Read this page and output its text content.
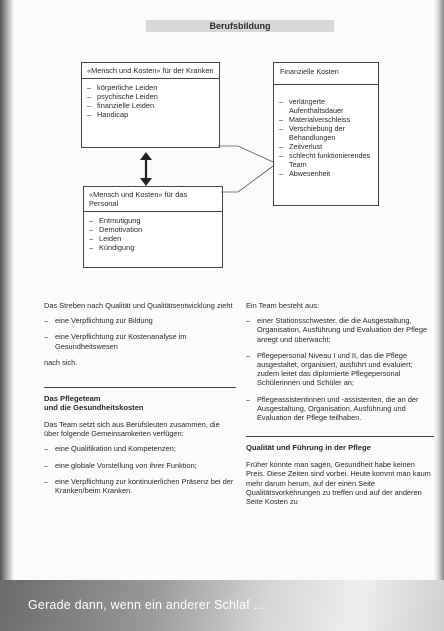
Berufsbildung
«Mensch und Kosten» für der Kranken
– körperliche Leiden
– psychische Leiden
– finanzielle Leiden
– Handicap
«Mensch und Kosten» für das Personal
– Entmutigung
– Demotivation
– Leiden
– Kündigung
Finanzielle Kosten
– verlängerte Aufenthaltsdauer
– Materialverschleiss
– Verschiebung der Behandlungen
– Zeitverlust
– schlecht funktionierendes Team
– Abwesenheit

Das Streben nach Qualität und Qualitätsentwicklung zieht

– eine Verpflichtung zur Bildung
– eine Verpflichtung zur Kostenanalyse im Gesundheitswesen

nach sich.

Das Pflegeteam
und die Gesundheitskosten

Das Team setzt sich aus Berufsleuten zusammen, die über folgende Gemeinsamkeiten verfügen:

– eine Qualifikation und Kompetenzen;
– eine globale Vorstellung von ihrer Funktion;
– eine Verpflichtung zur kontinuierlichen Präsenz bei der Kranken/beim Kranken.

Ein Team besteht aus:

– einer Stationsschwester, die die Ausgestaltung, Organisation, Ausführung und Evaluation der Pflege anregt und überwacht;
– Pflegepersonal Niveau I und II, das die Pflege ausgestaltet, organisiert, ausführt und evaluiert; zudem leitet das diplomierte Pflegepersonal Schülerinnen und Schüler an;
– Pflegeassistentinnen und -assistenten, die an der Ausgestaltung, Organisation, Ausführung und Evaluation der Pflege teilhaben.
Qualität und Führung in der Pflege

Früher konnte man sagen, Gesundheit habe keinen Preis. Diese Zeiten sind vorbei. Heute kommt man kaum mehr darum herum, auf der einen Seite Qualitätsvorkehrungen zu treffen und auf der anderen Seite Kosten zu

Gerade dann, wenn ein anderer Schlaf ...
